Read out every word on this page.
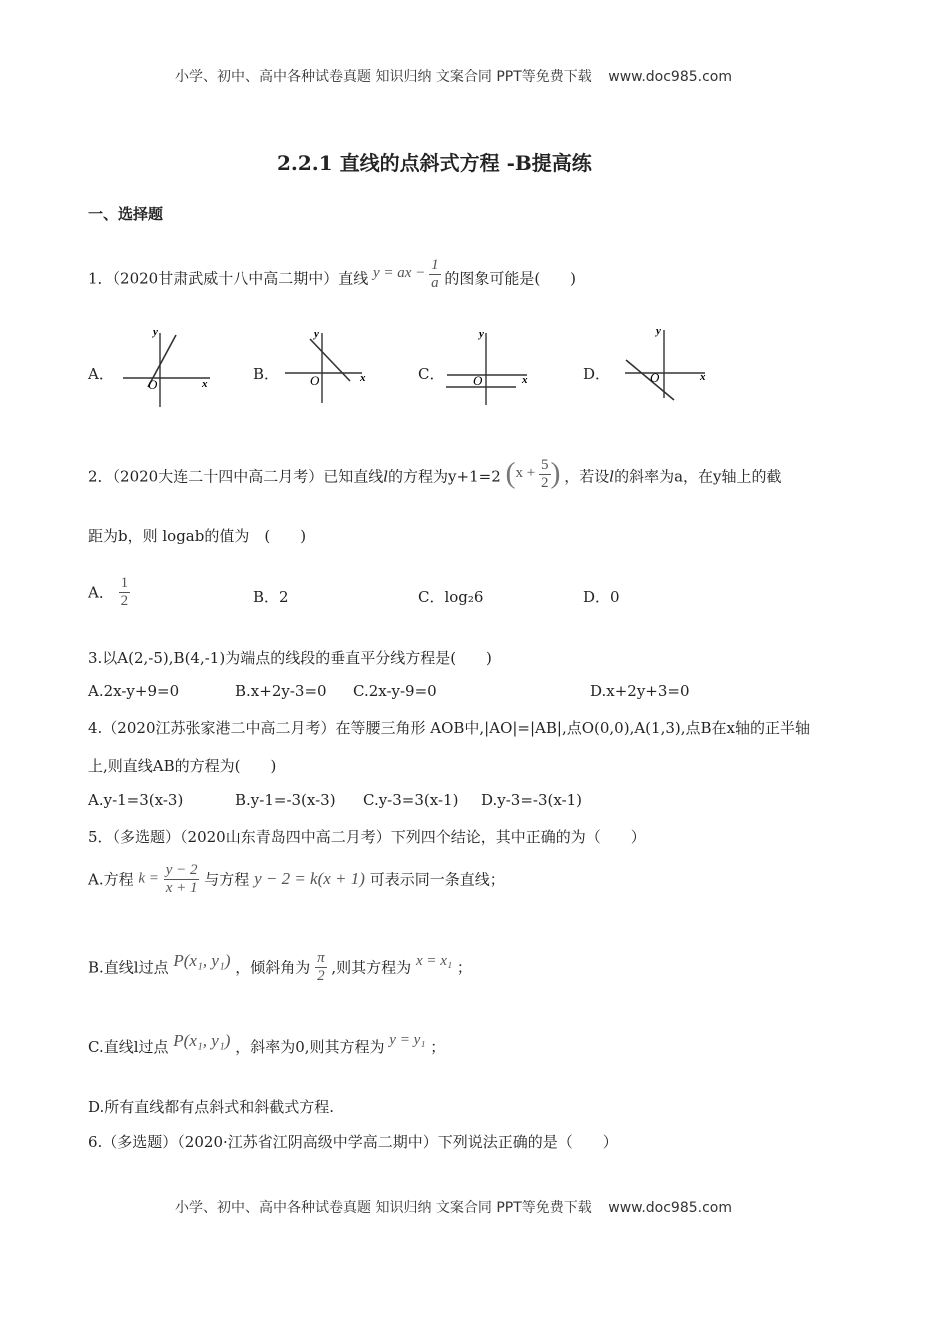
小学、初中、高中各种试卷真题 知识归纳 文案合同 PPT等免费下载 www.doc985.com
2.2.1 直线的点斜式方程 -B提高练
一、选择题
1．（2020甘肃武威十八中高二期中）直线 y = ax − $\frac{1}{a}$ 的图象可能是(　　)
A．
y
x
O
B．
y
x
O	C．
y
x
O	D．
y
x
O
2．（2020大连二十四中高二月考）已知直线l的方程为y+1=2 ($x + \frac{5}{2}$ ) ，若设l的斜率为a，在y轴上的截
距为b，则 logab的值为　(　　)
A． $\frac{1}{2}$	B．2	C．log₂6	D．0
3.以A(2,-5),B(4,-1)为端点的线段的垂直平分线方程是(　　)
A.2x-y+9=0	B.x+2y-3=0 C.2x-y-9=0	D.x+2y+3=0
4.（2020江苏张家港二中高二月考）在等腰三角形 AOB中,|AO|=|AB|,点O(0,0),A(1,3),点B在x轴的正半轴
上,则直线AB的方程为(　　)
A.y-1=3(x-3)	B.y-1=-3(x-3) C.y-3=3(x-1) D.y-3=-3(x-1)
5．（多选题）（2020山东青岛四中高二月考）下列四个结论，其中正确的为（　　）
A.方程 $k = \frac{y - 2}{x + 1}$ 与方程 y − 2 = k(x + 1) 可表示同一条直线；
B.直线l过点 P(x₁, y₁) ，倾斜角为 $\frac{\pi}{2}$ ,则其方程为 x = x₁ ；
C.直线l过点 P(x₁, y₁) ，斜率为0,则其方程为 y = y₁ ；
D.所有直线都有点斜式和斜截式方程.
6.（多选题）（2020·江苏省江阴高级中学高二期中）下列说法正确的是（　　）
小学、初中、高中各种试卷真题 知识归纳 文案合同 PPT等免费下载 www.doc985.com
